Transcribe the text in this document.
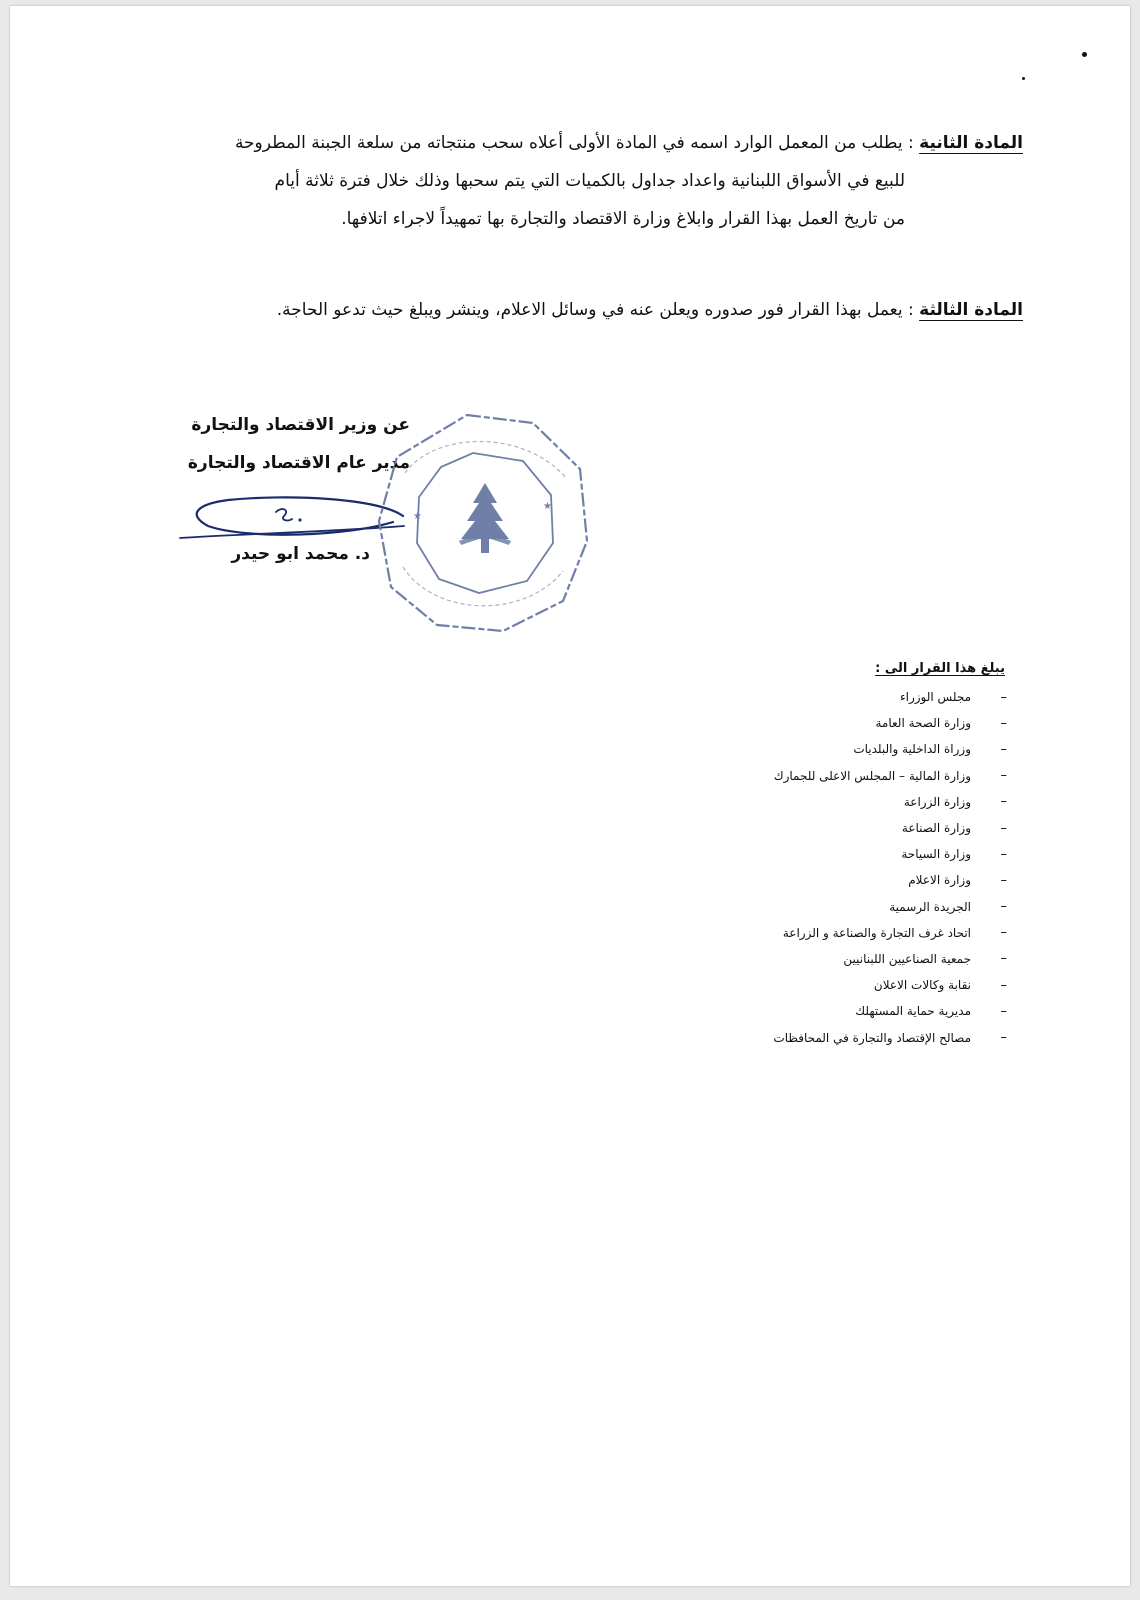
المادة الثانية : يطلب من المعمل الوارد اسمه في المادة الأولى أعلاه سحب منتجاته من سلعة الجبنة المطروحة
للبيع في الأسواق اللبنانية واعداد جداول بالكميات التي يتم سحبها وذلك خلال فترة ثلاثة أيام
من تاريخ العمل بهذا القرار وابلاغ وزارة الاقتصاد والتجارة بها تمهيداً لاجراء اتلافها.
المادة الثالثة : يعمل بهذا القرار فور صدوره ويعلن عنه في وسائل الاعلام، وينشر ويبلغ حيث تدعو الحاجة.
عن وزير الاقتصاد والتجارة
مدير عام الاقتصاد والتجارة
د. محمد ابو حيدر
★
★
يبلغ هذا القرار الى :
–
مجلس الوزراء
–
وزارة الصحة العامة
–
وزراة الداخلية والبلديات
–
وزارة المالية – المجلس الاعلى للجمارك
–
وزارة الزراعة
–
وزارة الصناعة
–
وزارة السياحة
–
وزارة الاعلام
–
الجريدة الرسمية
–
اتحاد غرف التجارة والصناعة و الزراعة
–
جمعية الصناعيين اللبنانيين
–
نقابة وكالات الاعلان
–
مديرية حماية المستهلك
–
مصالح الإقتصاد والتجارة في المحافظات
